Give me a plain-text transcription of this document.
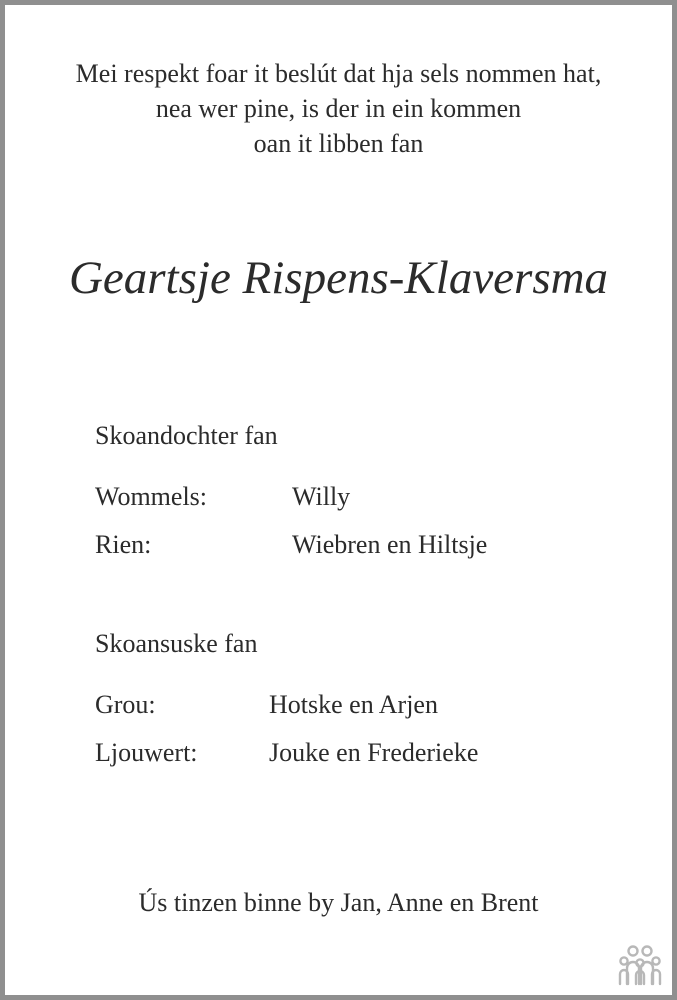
Mei respekt foar it beslút dat hja sels nommen hat,
nea wer pine, is der in ein kommen
oan it libben fan
Geartsje Rispens-Klaversma
Skoandochter fan
Wommels:	Willy
Rien:	Wiebren en Hiltsje
Skoansuske fan
Grou:	Hotske en Arjen
Ljouwert:	Jouke en Frederieke
Ús tinzen binne by Jan, Anne en Brent
